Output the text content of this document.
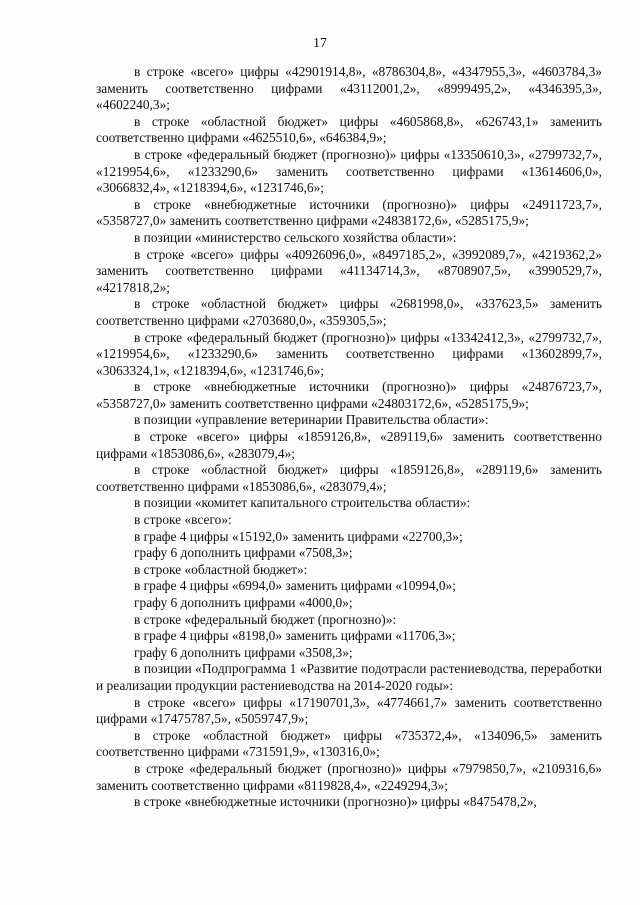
17

в строке «всего» цифры «42901914,8», «8786304,8», «4347955,3», «4603784,3» заменить соответственно цифрами «43112001,2», «8999495,2», «4346395,3», «4602240,3»;

в строке «областной бюджет» цифры «4605868,8», «626743,1» заменить соответственно цифрами «4625510,6», «646384,9»;

в строке «федеральный бюджет (прогнозно)» цифры «13350610,3», «2799732,7», «1219954,6», «1233290,6» заменить соответственно цифрами «13614606,0», «3066832,4», «1218394,6», «1231746,6»;

в строке «внебюджетные источники (прогнозно)» цифры «24911723,7», «5358727,0» заменить соответственно цифрами «24838172,6», «5285175,9»;

в позиции «министерство сельского хозяйства области»:

в строке «всего» цифры «40926096,0», «8497185,2», «3992089,7», «4219362,2» заменить соответственно цифрами «41134714,3», «8708907,5», «3990529,7», «4217818,2»;

в строке «областной бюджет» цифры «2681998,0», «337623,5» заменить соответственно цифрами «2703680,0», «359305,5»;

в строке «федеральный бюджет (прогнозно)» цифры «13342412,3», «2799732,7», «1219954,6», «1233290,6» заменить соответственно цифрами «13602899,7», «3063324,1», «1218394,6», «1231746,6»;

в строке «внебюджетные источники (прогнозно)» цифры «24876723,7», «5358727,0» заменить соответственно цифрами «24803172,6», «5285175,9»;

в позиции «управление ветеринарии Правительства области»:

в строке «всего» цифры «1859126,8», «289119,6» заменить соответственно цифрами «1853086,6», «283079,4»;

в строке «областной бюджет» цифры «1859126,8», «289119,6» заменить соответственно цифрами «1853086,6», «283079,4»;

в позиции «комитет капитального строительства области»:

в строке «всего»:

в графе 4 цифры «15192,0» заменить цифрами «22700,3»;

графу 6 дополнить цифрами «7508,3»;

в строке «областной бюджет»:

в графе 4 цифры «6994,0» заменить цифрами «10994,0»;

графу 6 дополнить цифрами «4000,0»;

в строке «федеральный бюджет (прогнозно)»:

в графе 4 цифры «8198,0» заменить цифрами «11706,3»;

графу 6 дополнить цифрами «3508,3»;

в позиции «Подпрограмма 1 «Развитие подотрасли растениеводства, переработки и реализации продукции растениеводства на 2014-2020 годы»:

в строке «всего» цифры «17190701,3», «4774661,7» заменить соответственно цифрами «17475787,5», «5059747,9»;

в строке «областной бюджет» цифры «735372,4», «134096,5» заменить соответственно цифрами «731591,9», «130316,0»;

в строке «федеральный бюджет (прогнозно)» цифры «7979850,7», «2109316,6» заменить соответственно цифрами «8119828,4», «2249294,3»;

в строке «внебюджетные источники (прогнозно)» цифры «8475478,2»,
